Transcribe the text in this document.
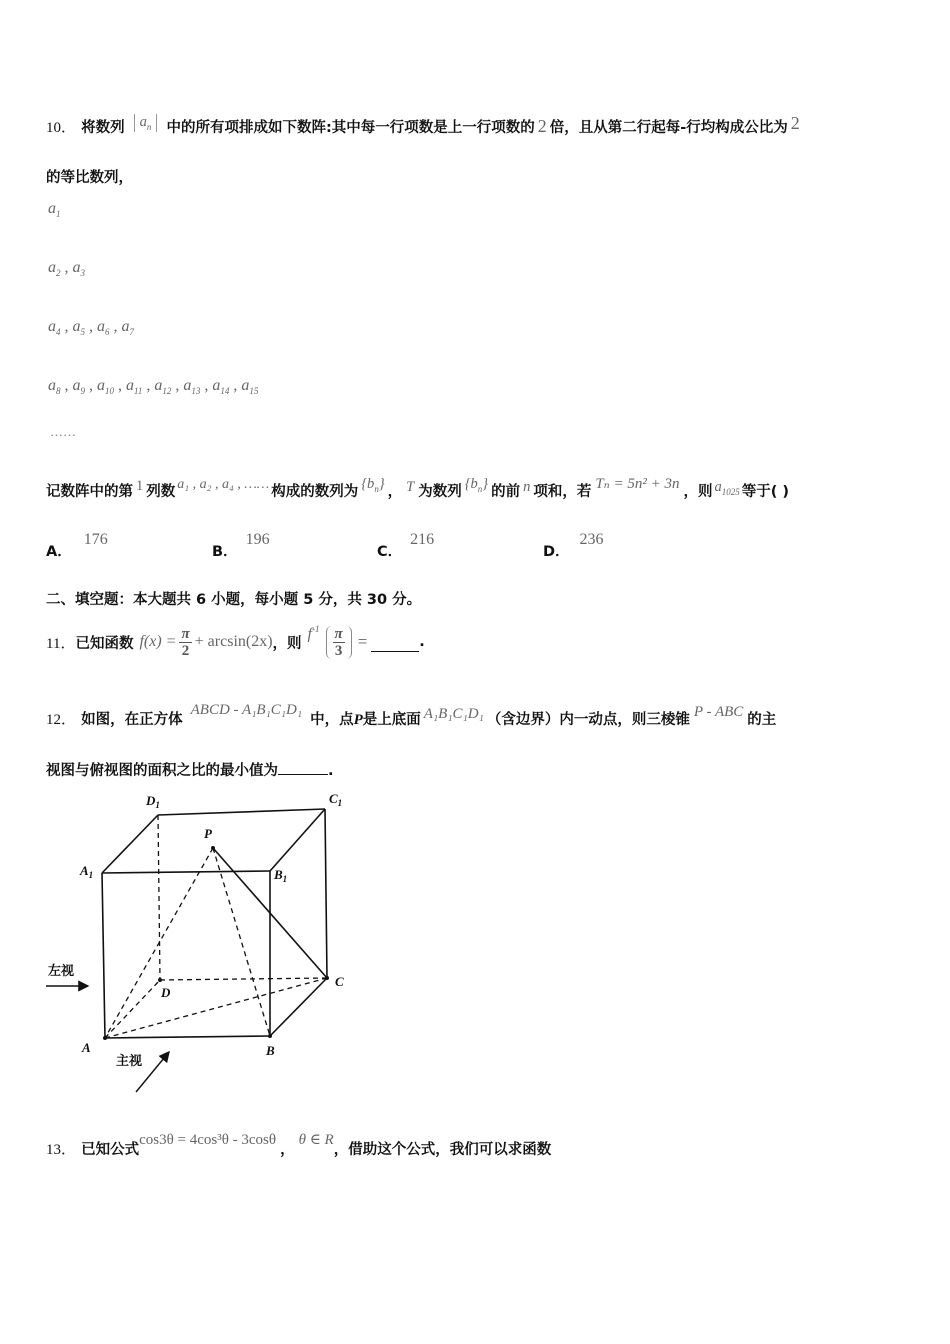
10． 将数列 $a_n$ 中的所有项排成如下数阵:其中每一行项数是上一行项数的 2 倍，且从第二行起每-行均构成公比为 2
的等比数列，
$a_1$
$a_2$ , $a_3$
$a_4$ , $a_5$ , $a_6$ , $a_7$
$a_8$ , $a_9$ , $a_{10}$ , $a_{11}$ , $a_{12}$ , $a_{13}$ , $a_{14}$ , $a_{15}$
……
记数阵中的第 1 列数 a₁ , a₂ , a₄ , …… 构成的数列为 $\{b_n\}$ ， T 为数列 $\{b_n\}$ 的前 n 项和，若 Tₙ = 5n² + 3n ，则 $a_{1025}$ 等于( )
A．176
B．196
C．216
D．236
二、填空题：本大题共 6 小题，每小题 5 分，共 30 分。
11． 已知函数 $f(x) = \frac{\pi}{2} + \arcsin(2x)$ ，则
$f^{-1} \frac{\pi}{3}$ =	.
12． 如图，在正方体 ABCD - A₁B₁C₁D₁ 中，点P是上底面 A₁B₁C₁D₁ （含边界）内一动点，则三棱锥 P - ABC 的主
视图与俯视图的面积之比的最小值为	.
$D_1$	$C_1$
$A_1$	$B_1$
P
D
C
A	B
左视
主视
13． 已知公式cos3θ = 4cos³θ - 3cosθ，θ ∈ R，借助这个公式，我们可以求函数
